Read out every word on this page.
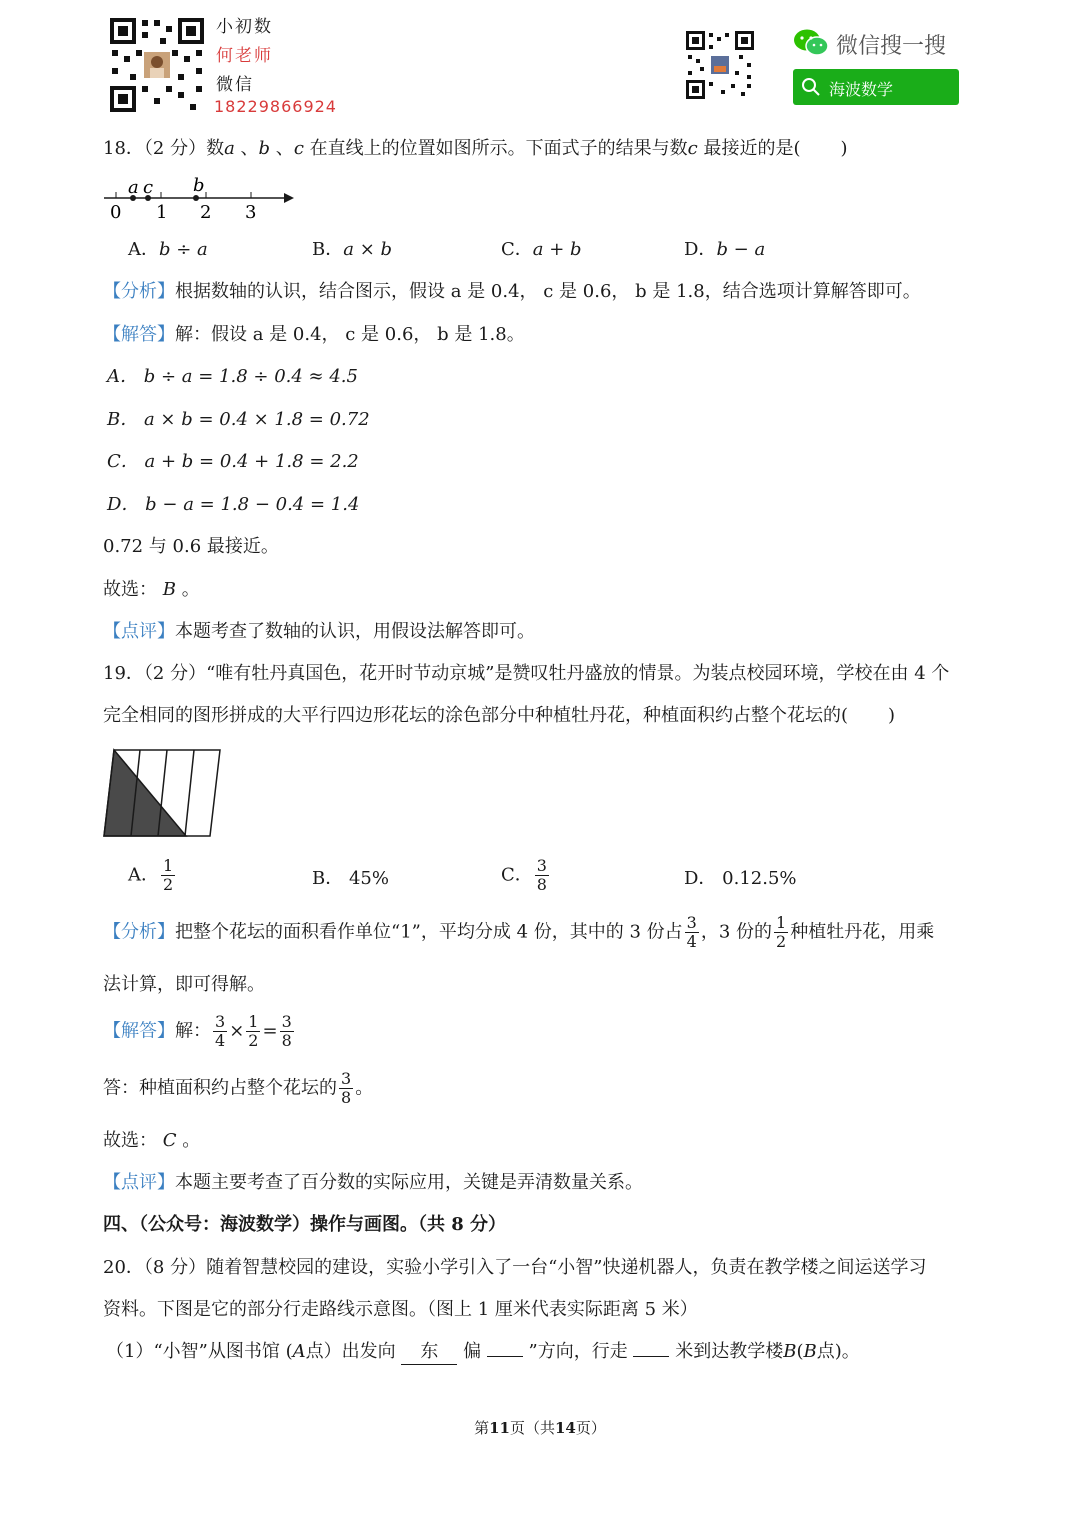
小初数
何老师
微信
18229866924
微信搜一搜
海波数学
18．（2 分）数a 、b 、c 在直线上的位置如图所示。下面式子的结果与数c 最接近的是( )
0 1 2 3
a c b
A．b ÷ a	B．a × b	C．a + b	D．b − a
【分析】根据数轴的认识，结合图示，假设 a 是 0.4， c 是 0.6， b 是 1.8，结合选项计算解答即可。
【解答】解：假设 a 是 0.4， c 是 0.6， b 是 1.8。
A． b ÷ a = 1.8 ÷ 0.4 ≈ 4.5
B． a × b = 0.4 × 1.8 = 0.72
C． a + b = 0.4 + 1.8 = 2.2
D． b − a = 1.8 − 0.4 = 1.4
0.72 与 0.6 最接近。
故选： B 。
【点评】本题考查了数轴的认识，用假设法解答即可。
19．（2 分）“唯有牡丹真国色，花开时节动京城”是赞叹牡丹盛放的情景。为装点校园环境，学校在由 4 个
完全相同的图形拼成的大平行四边形花坛的涂色部分中种植牡丹花，种植面积约占整个花坛的( )
A． $\frac{1}{2}$	B． 45%	C． $\frac{3}{8}$	D． 0.12.5%
【分析】把整个花坛的面积看作单位“1”，平均分成 4 份，其中的 3 份占 $\frac{3}{4}$ ，3 份的 $\frac{1}{2}$ 种植牡丹花，用乘
法计算，即可得解。
【解答】解： $\frac{3}{4} \times \frac{1}{2} = \frac{3}{8}$
答：种植面积约占整个花坛的 $\frac{3}{8}$ 。
故选： C 。
【点评】本题主要考查了百分数的实际应用，关键是弄清数量关系。
四、（公众号：海波数学）操作与画图。（共 8 分）
20．（8 分）随着智慧校园的建设，实验小学引入了一台“小智”快递机器人，负责在教学楼之间运送学习
资料。下图是它的部分行走路线示意图。（图上 1 厘米代表实际距离 5 米）
（1）“小智”从图书馆 (A点）出发向 东 偏	”方向，行走	米到达教学楼B(B点)。
第11页（共14页）
